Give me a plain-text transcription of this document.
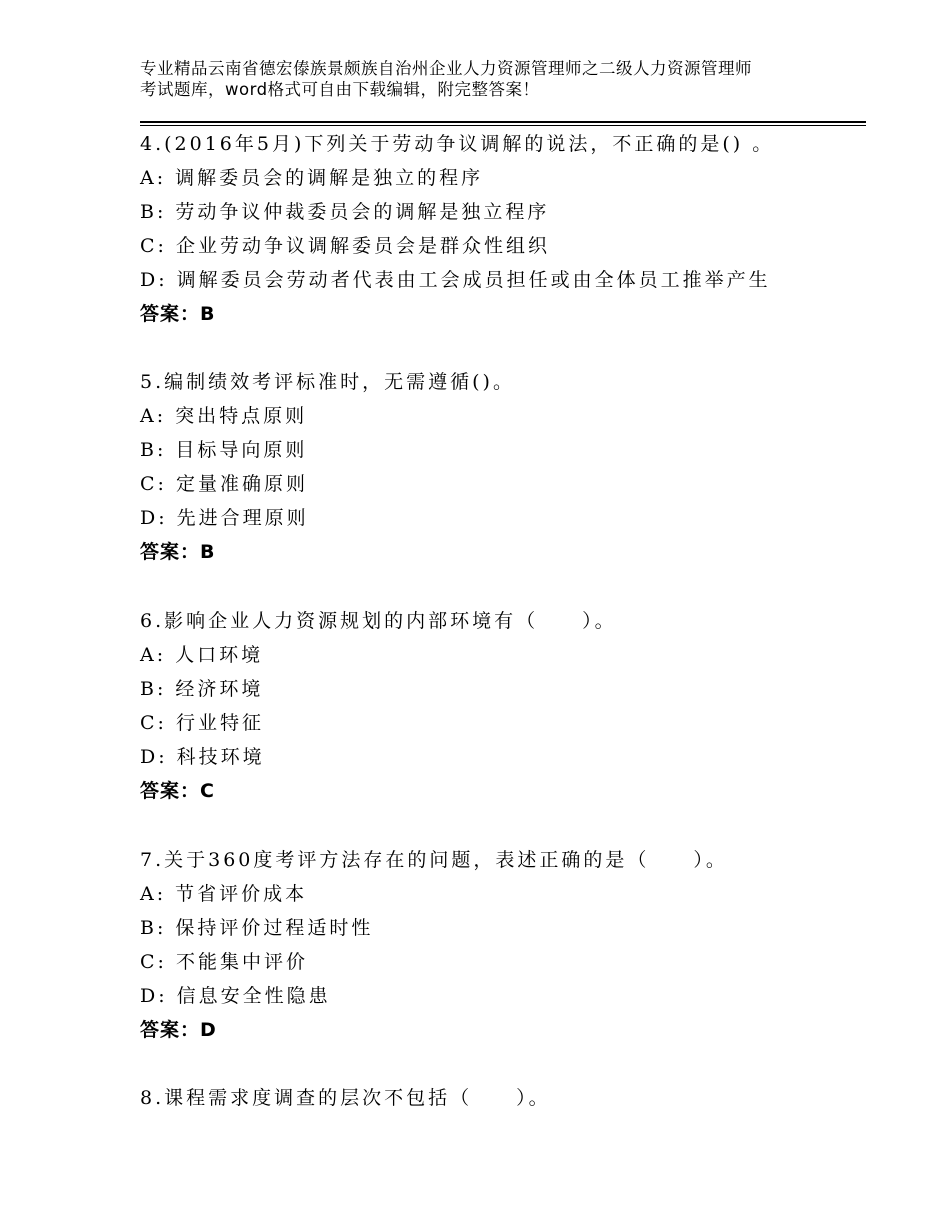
专业精品云南省德宏傣族景颇族自治州企业人力资源管理师之二级人力资源管理师
考试题库，word格式可自由下载编辑，附完整答案！
4.(2016年5月)下列关于劳动争议调解的说法，不正确的是() 。
A: 调解委员会的调解是独立的程序
B: 劳动争议仲裁委员会的调解是独立程序
C: 企业劳动争议调解委员会是群众性组织
D: 调解委员会劳动者代表由工会成员担任或由全体员工推举产生
答案：B
5.编制绩效考评标准时，无需遵循()。
A: 突出特点原则
B: 目标导向原则
C: 定量准确原则
D: 先进合理原则
答案：B
6.影响企业人力资源规划的内部环境有（　　）。
A: 人口环境
B: 经济环境
C: 行业特征
D: 科技环境
答案：C
7.关于360度考评方法存在的问题，表述正确的是（　　）。
A: 节省评价成本
B: 保持评价过程适时性
C: 不能集中评价
D: 信息安全性隐患
答案：D
8.课程需求度调查的层次不包括（　　）。
